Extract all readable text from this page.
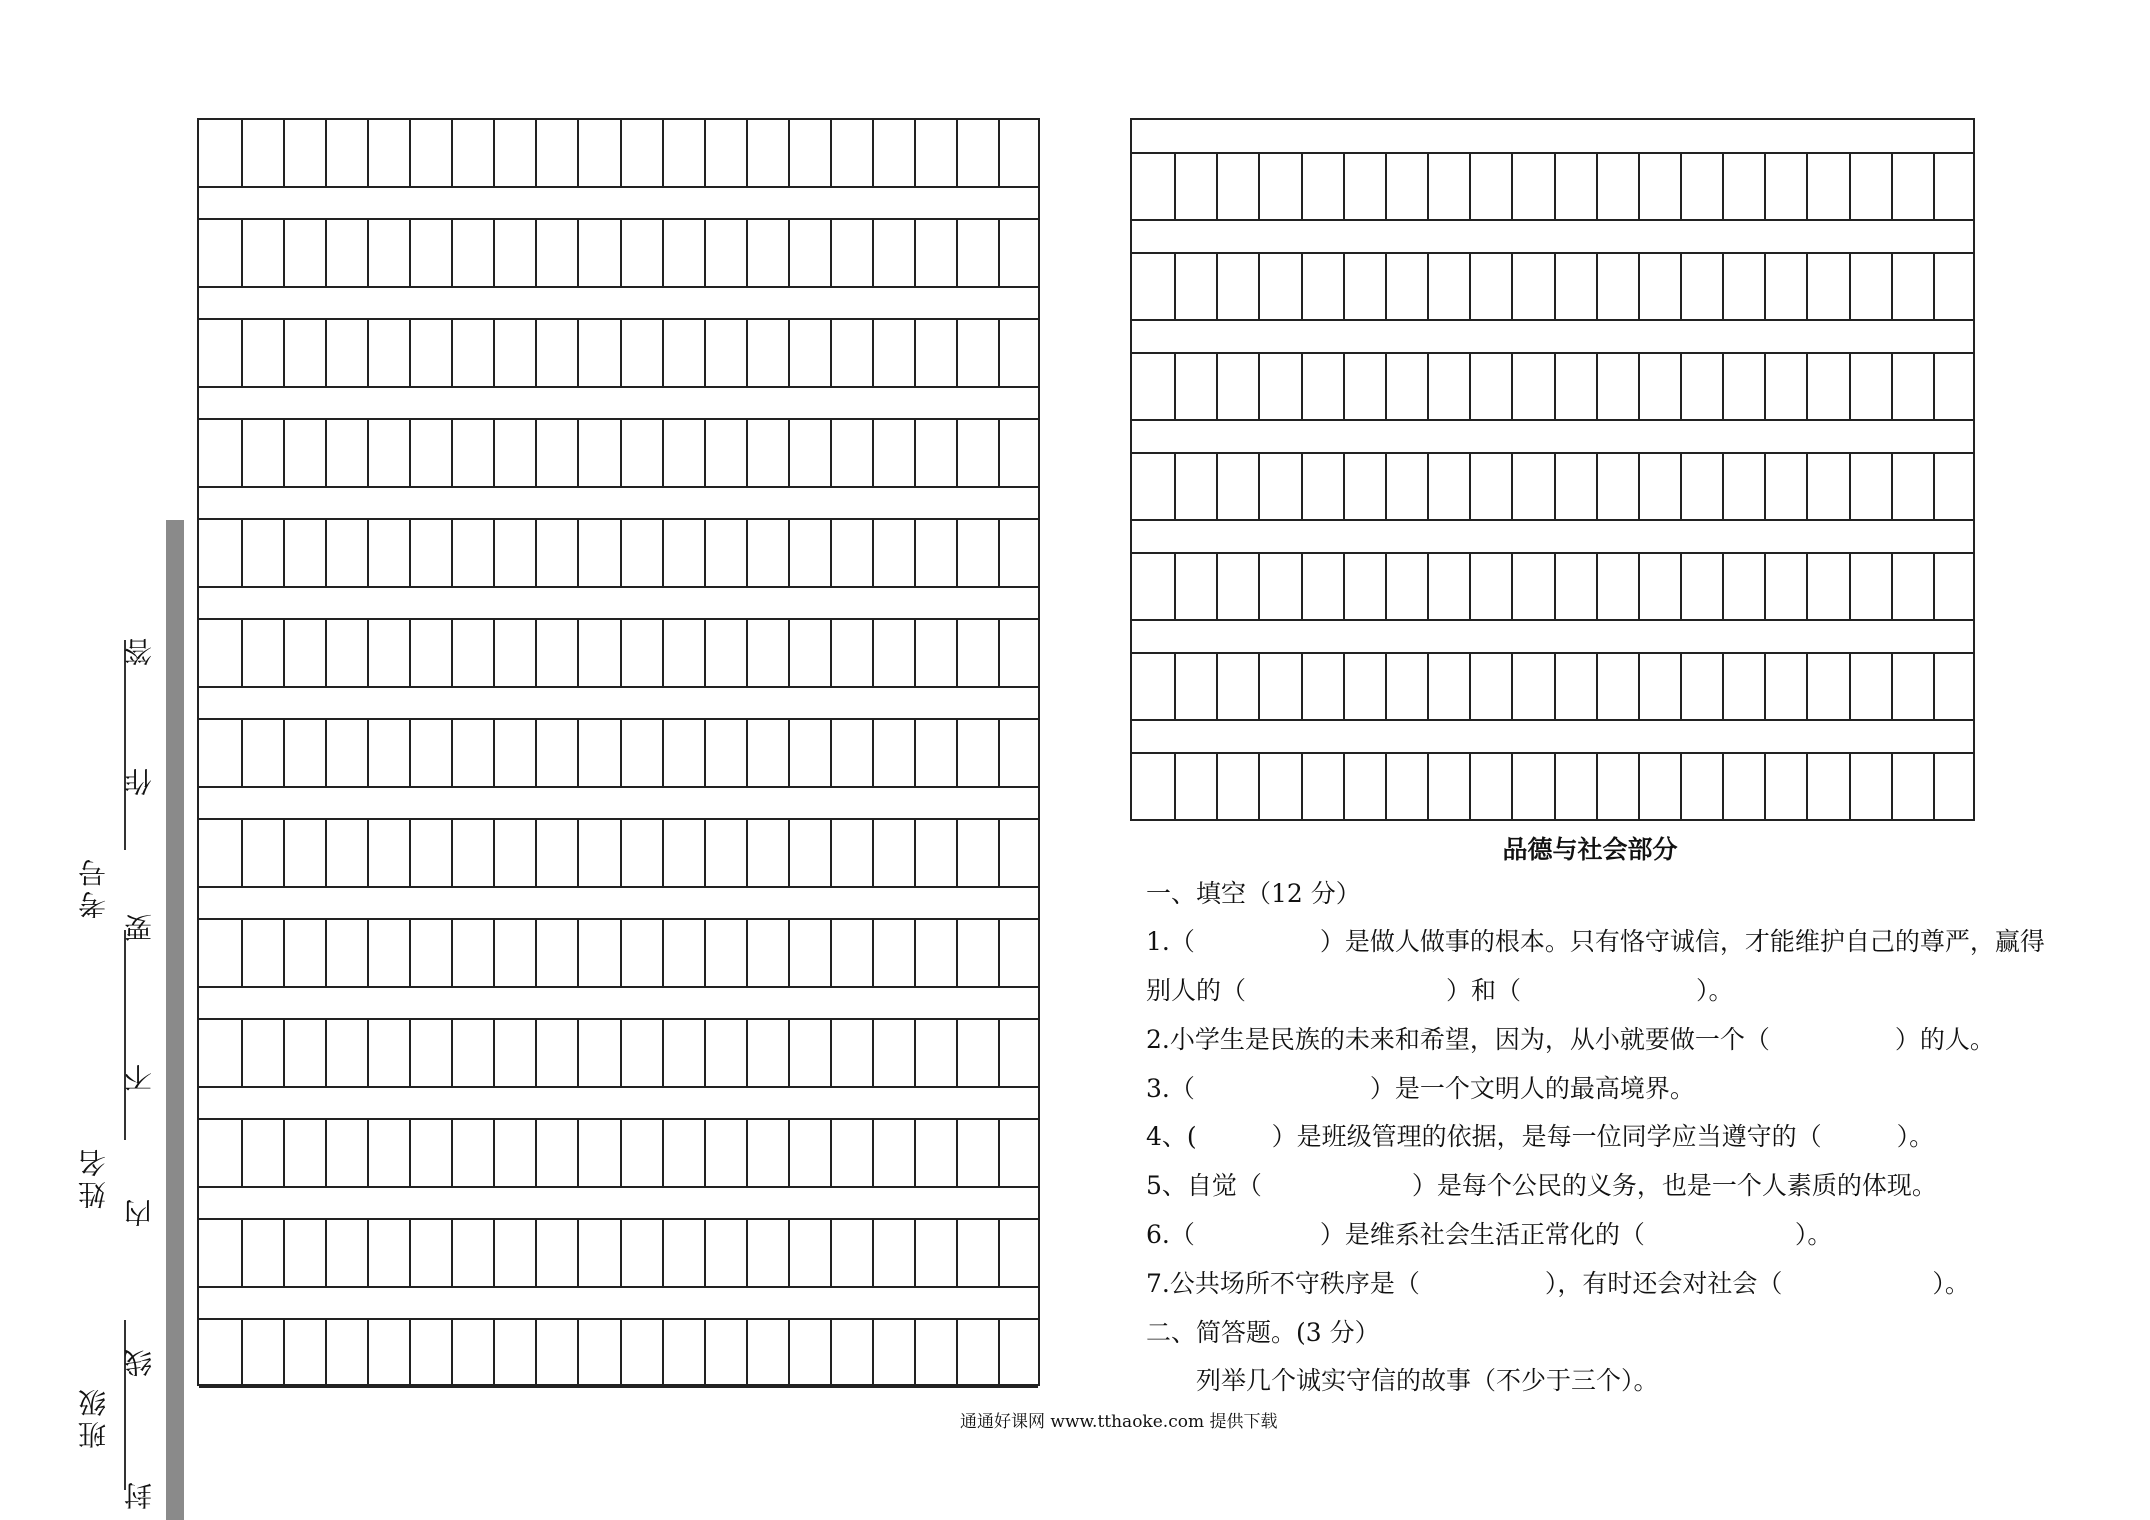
考号
姓名
班级
答
作
要
不
内
线
封
品德与社会部分
一、填空（12 分）
1.（　　　　　）是做人做事的根本。只有恪守诚信，才能维护自己的尊严，赢得
别人的（　　　　　　　　）和（　　　　　　　）。
2.小学生是民族的未来和希望，因为，从小就要做一个（　　　　　）的人。
3.（　　　　　　　）是一个文明人的最高境界。
4、(　　　）是班级管理的依据，是每一位同学应当遵守的（　　　）。
5、自觉（　　　　　　）是每个公民的义务，也是一个人素质的体现。
6.（　　　　　）是维系社会生活正常化的（　　　　　　）。
7.公共场所不守秩序是（　　　　　），有时还会对社会（　　　　　　）。
二、简答题。(3 分）
列举几个诚实守信的故事（不少于三个）。
通通好课网 www.tthaoke.com 提供下载
